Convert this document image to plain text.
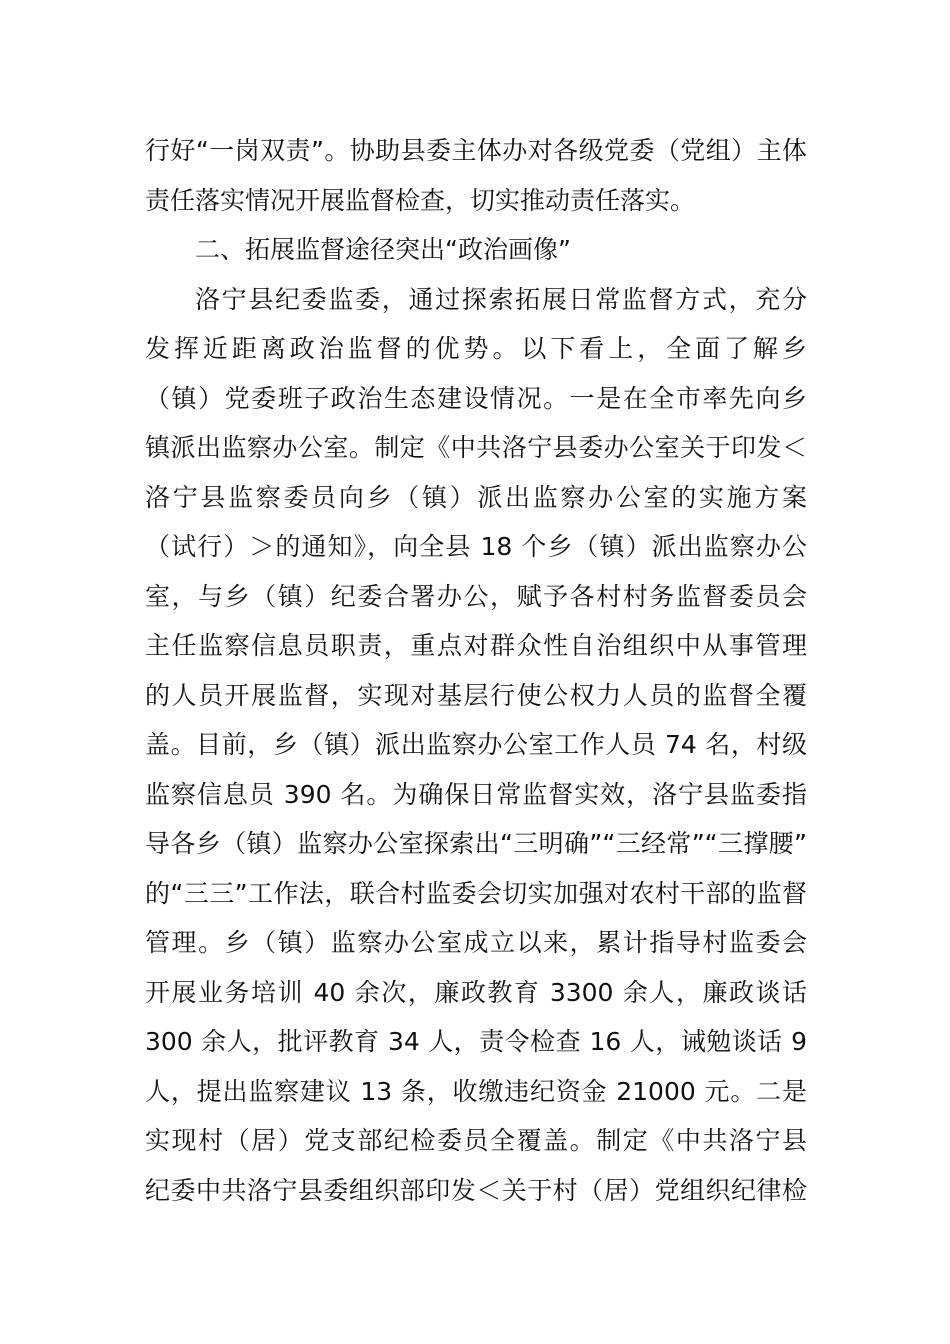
行好“一岗双责”。协助县委主体办对各级党委（党组）主体
责任落实情况开展监督检查，切实推动责任落实。
二、拓展监督途径突出“政治画像”
洛宁县纪委监委，通过探索拓展日常监督方式，充分
发挥近距离政治监督的优势。以下看上，全面了解乡
（镇）党委班子政治生态建设情况。一是在全市率先向乡
镇派出监察办公室。制定《中共洛宁县委办公室关于印发＜
洛宁县监察委员向乡（镇）派出监察办公室的实施方案
（试行）＞的通知》，向全县 18 个乡（镇）派出监察办公
室，与乡（镇）纪委合署办公，赋予各村村务监督委员会
主任监察信息员职责，重点对群众性自治组织中从事管理
的人员开展监督，实现对基层行使公权力人员的监督全覆
盖。目前，乡（镇）派出监察办公室工作人员 74 名，村级
监察信息员 390 名。为确保日常监督实效，洛宁县监委指
导各乡（镇）监察办公室探索出“三明确”“三经常”“三撑腰”
的“三三”工作法，联合村监委会切实加强对农村干部的监督
管理。乡（镇）监察办公室成立以来，累计指导村监委会
开展业务培训 40 余次，廉政教育 3300 余人，廉政谈话
300 余人，批评教育 34 人，责令检查 16 人，诫勉谈话 9
人，提出监察建议 13 条，收缴违纪资金 21000 元。二是
实现村（居）党支部纪检委员全覆盖。制定《中共洛宁县
纪委中共洛宁县委组织部印发＜关于村（居）党组织纪律检
